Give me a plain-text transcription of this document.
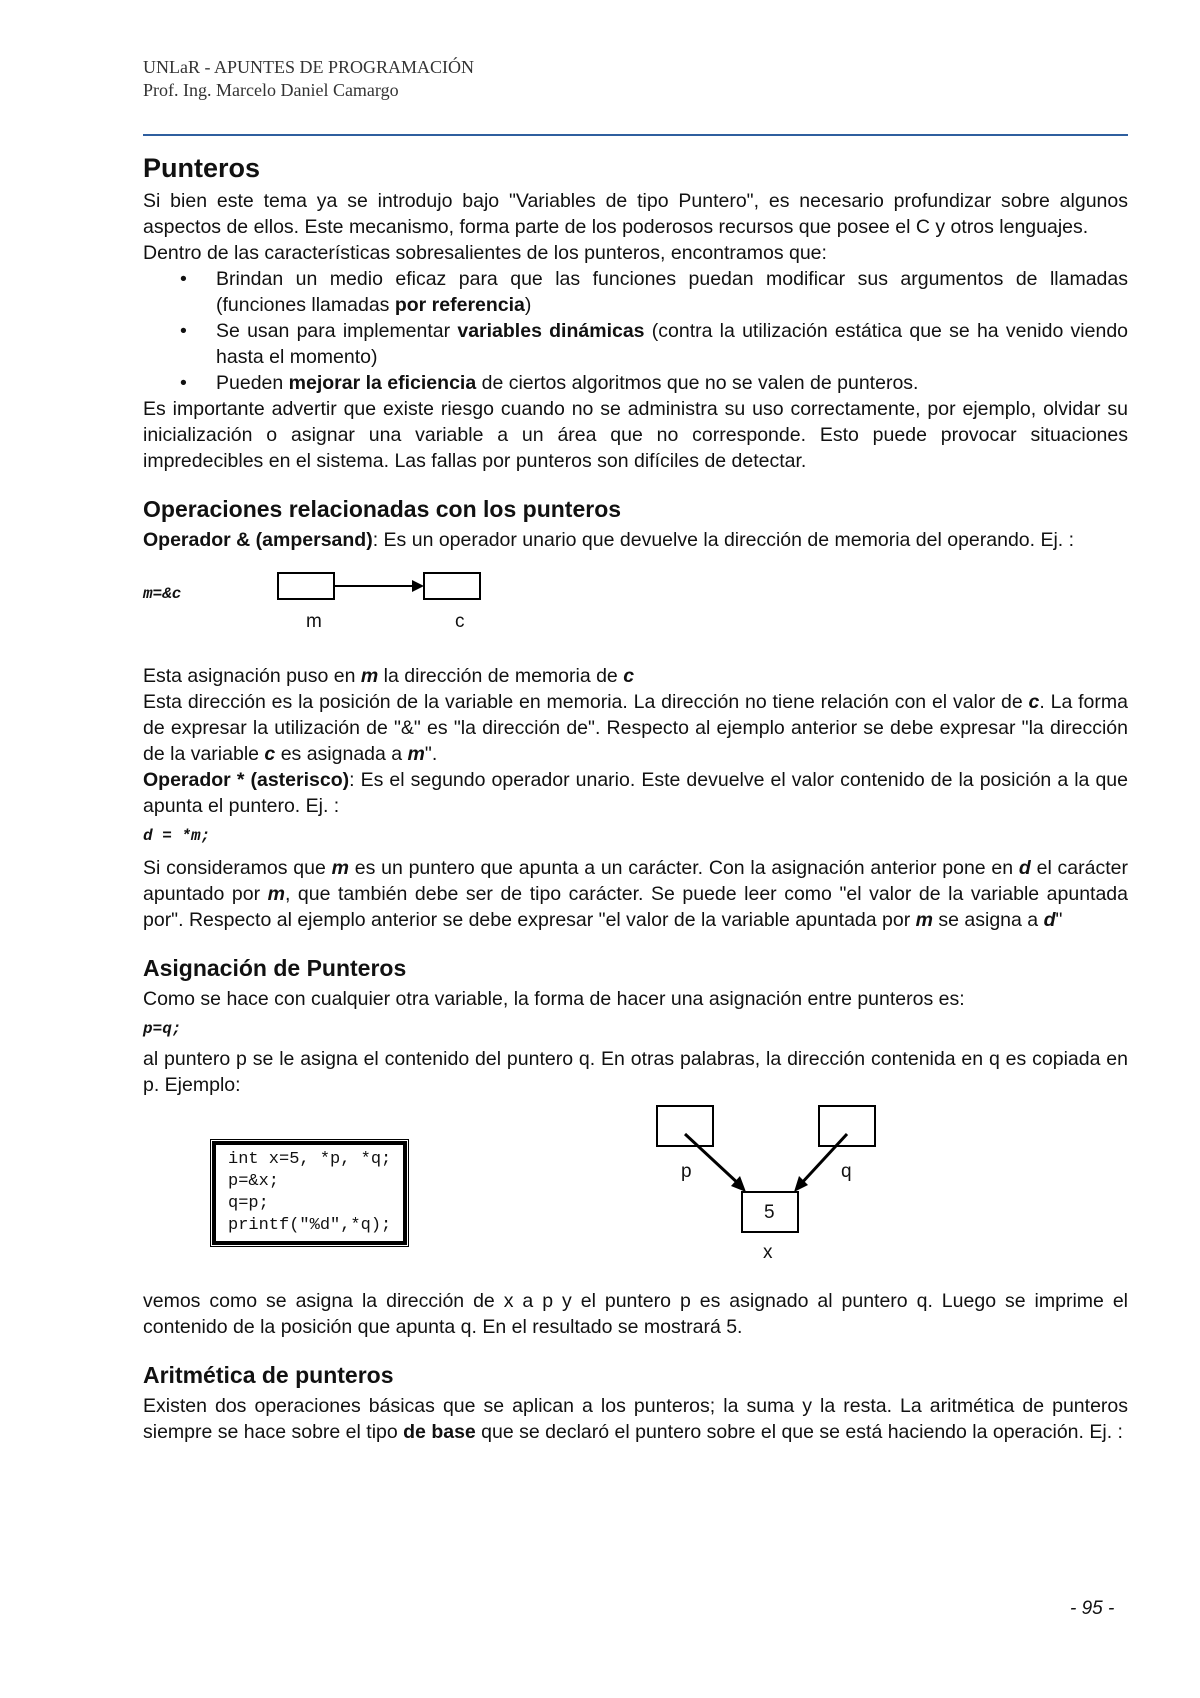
UNLaR - APUNTES DE PROGRAMACIÓN
Prof. Ing. Marcelo Daniel Camargo
Punteros

Si bien este tema ya se introdujo bajo "Variables de tipo Puntero", es necesario profundizar sobre algunos aspectos de ellos. Este mecanismo, forma parte de los poderosos recursos que posee el C y otros lenguajes.

Dentro de las características sobresalientes de los punteros, encontramos que:

• Brindan un medio eficaz para que las funciones puedan modificar sus argumentos de llamadas (funciones llamadas por referencia)
• Se usan para implementar variables dinámicas (contra la utilización estática que se ha venido viendo hasta el momento)
• Pueden mejorar la eficiencia de ciertos algoritmos que no se valen de punteros.

Es importante advertir que existe riesgo cuando no se administra su uso correctamente, por ejemplo, olvidar su inicialización o asignar una variable a un área que no corresponde. Esto puede provocar situaciones impredecibles en el sistema. Las fallas por punteros son difíciles de detectar.

Operaciones relacionadas con los punteros

Operador & (ampersand): Es un operador unario que devuelve la dirección de memoria del operando. Ej. :

m=&c
m	c

Esta asignación puso en m la dirección de memoria de c

Esta dirección es la posición de la variable en memoria. La dirección no tiene relación con el valor de c. La forma de expresar la utilización de "&" es "la dirección de". Respecto al ejemplo anterior se debe expresar "la dirección de la variable c es asignada a m".

Operador * (asterisco): Es el segundo operador unario. Este devuelve el valor contenido de la posición a la que apunta el puntero. Ej. :

d = *m;

Si consideramos que m es un puntero que apunta a un carácter. Con la asignación anterior pone en d el carácter apuntado por m, que también debe ser de tipo carácter. Se puede leer como "el valor de la variable apuntada por". Respecto al ejemplo anterior se debe expresar "el valor de la variable apuntada por m se asigna a d"

Asignación de Punteros

Como se hace con cualquier otra variable, la forma de hacer una asignación entre punteros es:

p=q;

al puntero p se le asigna el contenido del puntero q. En otras palabras, la dirección contenida en q es copiada en p. Ejemplo:

int x=5, *p, *q;
p=&x;
q=p;
printf("%d",*q);
p	q
5
x

vemos como se asigna la dirección de x a p y el puntero p es asignado al puntero q. Luego se imprime el contenido de la posición que apunta q. En el resultado se mostrará 5.

Aritmética de punteros

Existen dos operaciones básicas que se aplican a los punteros; la suma y la resta. La aritmética de punteros siempre se hace sobre el tipo de base que se declaró el puntero sobre el que se está haciendo la operación. Ej. :

- 95 -
